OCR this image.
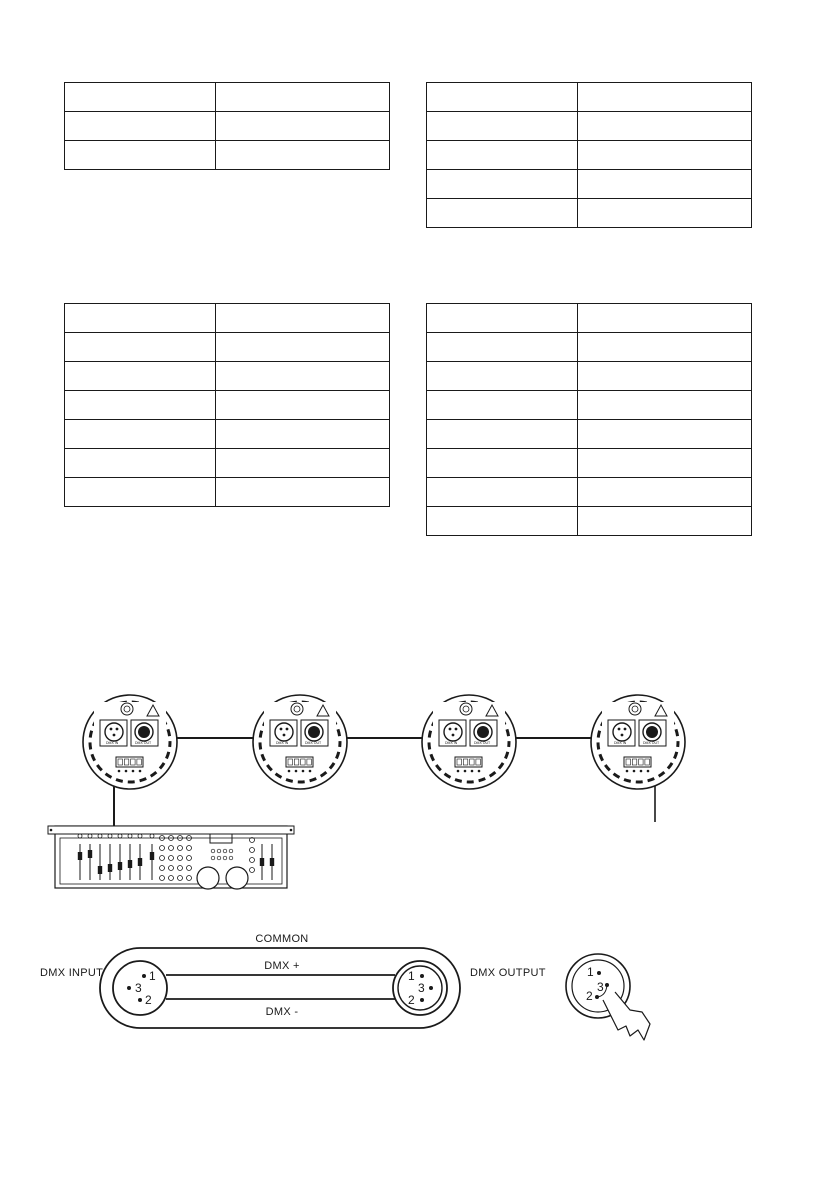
DMX IN	DMX OUT	DMX IN	DMX OUT	DMX IN	DMX OUT	DMX IN	DMX OUT
1
3
2
1
3
2
COMMON
DMX +
DMX -
DMX INPUT	DMX OUTPUT	1
3
2
